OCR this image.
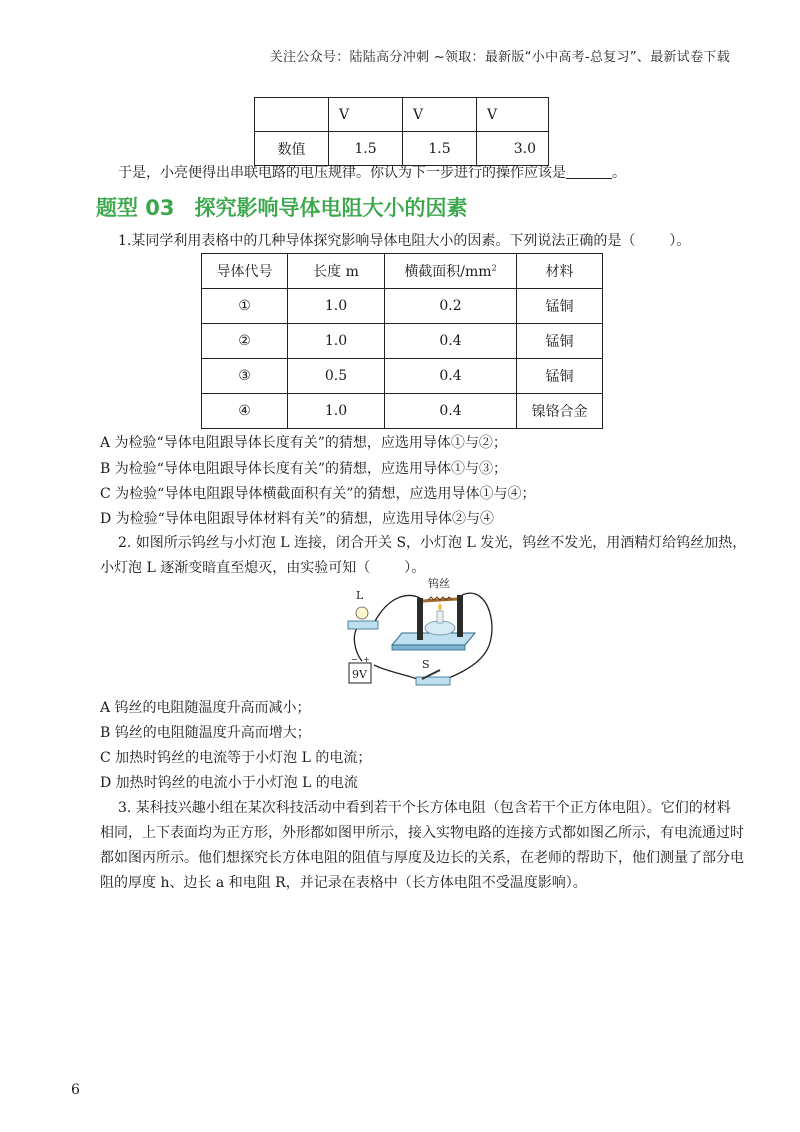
关注公众号：陆陆高分冲刺 ~领取：最新版“小中高考-总复习”、最新试卷下载
	V	V	V
数值	1.5	1.5	3.0
于是，小亮便得出串联电路的电压规律。你认为下一步进行的操作应该是	。
题型 03 探究影响导体电阻大小的因素
1.某同学利用表格中的几种导体探究影响导体电阻大小的因素。下列说法正确的是（ ）。
导体代号	长度 m	横截面积$/mm^2$	材料
①	1.0	0.2	锰铜
②	1.0	0.4	锰铜
③	0.5	0.4	锰铜
④	1.0	0.4	镍铬合金
A 为检验“导体电阻跟导体长度有关”的猜想，应选用导体①与②；
B 为检验“导体电阻跟导体长度有关”的猜想，应选用导体①与③；
C 为检验“导体电阻跟导体横截面积有关”的猜想，应选用导体①与④；
D 为检验“导体电阻跟导体材料有关”的猜想，应选用导体②与④
2. 如图所示钨丝与小灯泡 L 连接，闭合开关 S，小灯泡 L 发光，钨丝不发光，用酒精灯给钨丝加热，
小灯泡 L 逐渐变暗直至熄灭，由实验可知（ ）。
钨丝
L
9V
− +	S
A 钨丝的电阻随温度升高而减小；
B 钨丝的电阻随温度升高而增大；
C 加热时钨丝的电流等于小灯泡 L 的电流；
D 加热时钨丝的电流小于小灯泡 L 的电流
3. 某科技兴趣小组在某次科技活动中看到若干个长方体电阻（包含若干个正方体电阻）。它们的材料
相同，上下表面均为正方形，外形都如图甲所示，接入实物电路的连接方式都如图乙所示，有电流通过时
都如图丙所示。他们想探究长方体电阻的阻值与厚度及边长的关系，在老师的帮助下，他们测量了部分电
阻的厚度 h、边长 a 和电阻 R，并记录在表格中（长方体电阻不受温度影响）。
6
